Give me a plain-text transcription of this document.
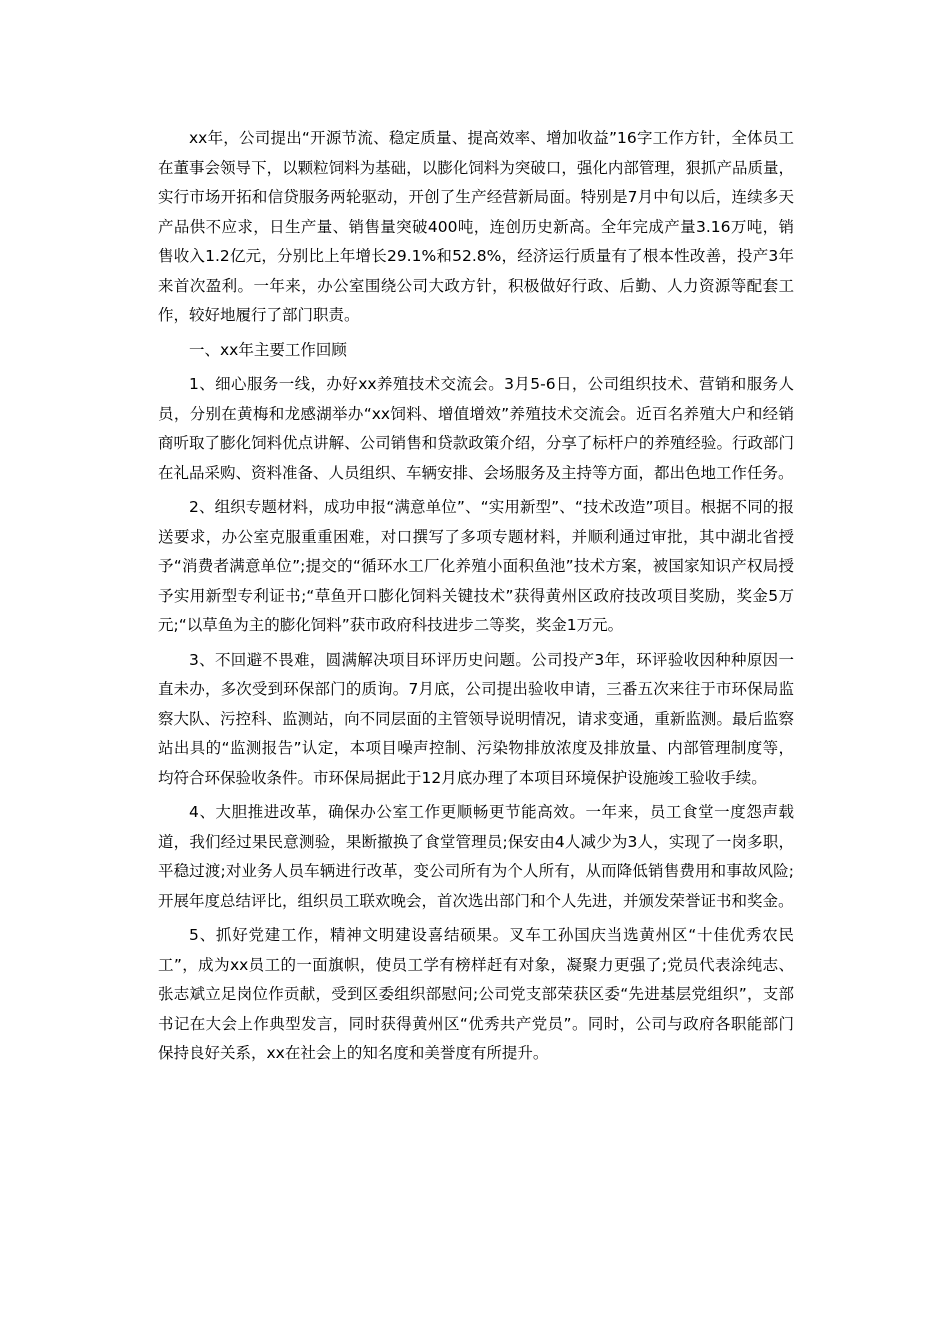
xx年，公司提出“开源节流、稳定质量、提高效率、增加收益”16字工作方针，全体员工在董事会领导下，以颗粒饲料为基础，以膨化饲料为突破口，强化内部管理，狠抓产品质量，实行市场开拓和信贷服务两轮驱动，开创了生产经营新局面。特别是7月中旬以后，连续多天产品供不应求，日生产量、销售量突破400吨，连创历史新高。全年完成产量3.16万吨，销售收入1.2亿元，分别比上年增长29.1%和52.8%，经济运行质量有了根本性改善，投产3年来首次盈利。一年来，办公室围绕公司大政方针，积极做好行政、后勤、人力资源等配套工作，较好地履行了部门职责。

一、xx年主要工作回顾

1、细心服务一线，办好xx养殖技术交流会。3月5-6日，公司组织技术、营销和服务人员，分别在黄梅和龙感湖举办“xx饲料、增值增效”养殖技术交流会。近百名养殖大户和经销商听取了膨化饲料优点讲解、公司销售和贷款政策介绍，分享了标杆户的养殖经验。行政部门在礼品采购、资料准备、人员组织、车辆安排、会场服务及主持等方面，都出色地工作任务。

2、组织专题材料，成功申报“满意单位”、“实用新型”、“技术改造”项目。根据不同的报送要求，办公室克服重重困难，对口撰写了多项专题材料，并顺利通过审批，其中湖北省授予“消费者满意单位”;提交的“循环水工厂化养殖小面积鱼池”技术方案，被国家知识产权局授予实用新型专利证书;“草鱼开口膨化饲料关键技术”获得黄州区政府技改项目奖励，奖金5万元;“以草鱼为主的膨化饲料”获市政府科技进步二等奖，奖金1万元。

3、不回避不畏难，圆满解决项目环评历史问题。公司投产3年，环评验收因种种原因一直未办，多次受到环保部门的质询。7月底，公司提出验收申请，三番五次来往于市环保局监察大队、污控科、监测站，向不同层面的主管领导说明情况，请求变通，重新监测。最后监察站出具的“监测报告”认定，本项目噪声控制、污染物排放浓度及排放量、内部管理制度等，均符合环保验收条件。市环保局据此于12月底办理了本项目环境保护设施竣工验收手续。

4、大胆推进改革，确保办公室工作更顺畅更节能高效。一年来，员工食堂一度怨声载道，我们经过果民意测验，果断撤换了食堂管理员;保安由4人减少为3人，实现了一岗多职，平稳过渡;对业务人员车辆进行改革，变公司所有为个人所有，从而降低销售费用和事故风险;开展年度总结评比，组织员工联欢晚会，首次选出部门和个人先进，并颁发荣誉证书和奖金。

5、抓好党建工作，精神文明建设喜结硕果。叉车工孙国庆当选黄州区“十佳优秀农民工”，成为xx员工的一面旗帜，使员工学有榜样赶有对象，凝聚力更强了;党员代表涂纯志、张志斌立足岗位作贡献，受到区委组织部慰问;公司党支部荣获区委“先进基层党组织”，支部书记在大会上作典型发言，同时获得黄州区“优秀共产党员”。同时，公司与政府各职能部门保持良好关系，xx在社会上的知名度和美誉度有所提升。
